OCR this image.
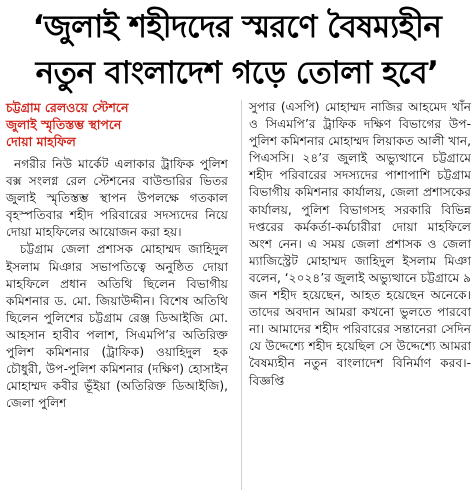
‘জুলাই শহীদদের স্মরণে বৈষম্যহীন
নতুন বাংলাদেশ গড়ে তোলা হবে’
চট্টগ্রাম রেলওয়ে স্টেশনে
জুলাই স্মৃতিস্তম্ভ স্থাপনে
দোয়া মাহফিল

নগরীর নিউ মার্কেট এলাকার ট্রাফিক পুলিশ বক্স সংলগ্ন রেল স্টেশনের বাউন্ডারির ভিতর জুলাই স্মৃতিস্তম্ভ স্থাপন উপলক্ষে গতকাল বৃহস্পতিবার শহীদ পরিবারের সদস্যদের নিয়ে দোয়া মাহফিলের আয়োজন করা হয়।

চট্টগ্রাম জেলা প্রশাসক মোহাম্মদ জাহিদুল ইসলাম মিঞার সভাপতিত্বে অনুষ্ঠিত দোয়া মাহফিলে প্রধান অতিথি ছিলেন বিভাগীয় কমিশনার ড. মো. জিয়াউদ্দীন। বিশেষ অতিথি ছিলেন পুলিশের চট্টগ্রাম রেঞ্জ ডিআইজি মো. আহসান হাবীব পলাশ, সিএমপি’র অতিরিক্ত পুলিশ কমিশনার (ট্রাফিক) ওয়াহিদুল হক চৌধুরী, উপ-পুলিশ কমিশনার (দক্ষিণ) হোসাইন মোহাম্মদ কবীর ভূঁইয়া (অতিরিক্ত ডিআইজি), জেলা পুলিশ

সুপার (এসপি) মোহাম্মদ নাজির আহমেদ খাঁন ও সিএমপি’র ট্রাফিক দক্ষিণ বিভাগের উপ-পুলিশ কমিশনার মোহাম্মদ লিয়াকত আলী খান, পিএসসি। ২৪’র জুলাই অভ্যুত্থানে চট্টগ্রামে শহীদ পরিবারের সদস্যদের পাশাপাশি চট্টগ্রাম বিভাগীয় কমিশনার কার্যালয়, জেলা প্রশাসকের কার্যালয়, পুলিশ বিভাগসহ সরকারি বিভিন্ন দপ্তরের কর্মকর্তা-কর্মচারীরা দোয়া মাহফিলে অংশ নেন। এ সময় জেলা প্রশাসক ও জেলা ম্যাজিস্ট্রেট মোহাম্মদ জাহিদুল ইসলাম মিঞা বলেন, ‘২০২৪’র জুলাই অভ্যুত্থানে চট্টগ্রামে ৯ জন শহীদ হয়েছেন, আহত হয়েছেন অনেকে। তাদের অবদান আমরা কখনো ভুলতে পারবো না। আমাদের শহীদ পরিবারের সন্তানেরা সেদিন যে উদ্দেশ্যে শহীদ হয়েছিল সে উদ্দেশ্যে আমরা বৈষম্যহীন নতুন বাংলাদেশ বিনির্মাণ করব।-বিজ্ঞপ্তি
